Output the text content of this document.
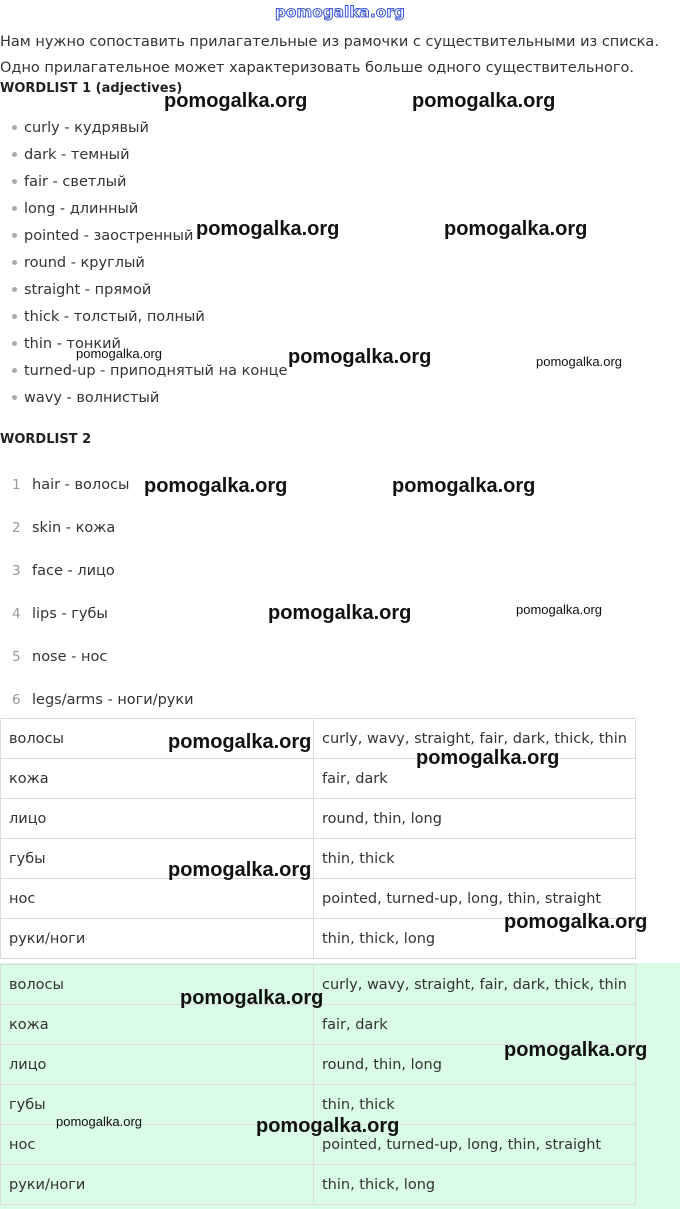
pomogalka.org
Нам нужно сопоставить прилагательные из рамочки с существительными из списка.
Одно прилагательное может характеризовать больше одного существительного.
WORDLIST 1 (adjectives)
curly - кудрявый
dark - темный
fair - светлый
long - длинный
pointed - заостренный
round - круглый
straight - прямой
thick - толстый, полный
thin - тонкий
turned-up - приподнятый на конце
wavy - волнистый
WORDLIST 2
1 hair - волосы
2 skin - кожа
3 face - лицо
4 lips - губы
5 nose - нос
6 legs/arms - ноги/руки
волосы	curly, wavy, straight, fair, dark, thick, thin
кожа	fair, dark
лицо	round, thin, long
губы	thin, thick
нос	pointed, turned-up, long, thin, straight
руки/ноги	thin, thick, long
волосы	curly, wavy, straight, fair, dark, thick, thin
кожа	fair, dark
лицо	round, thin, long
губы	thin, thick
нос	pointed, turned-up, long, thin, straight
руки/ноги	thin, thick, long
pomogalka.org	pomogalka.org
pomogalka.org	pomogalka.org
pomogalka.org	pomogalka.org	pomogalka.org
pomogalka.org	pomogalka.org
pomogalka.org	pomogalka.org
pomogalka.org
pomogalka.org
pomogalka.org
pomogalka.org
pomogalka.org
pomogalka.org
pomogalka.org	pomogalka.org
